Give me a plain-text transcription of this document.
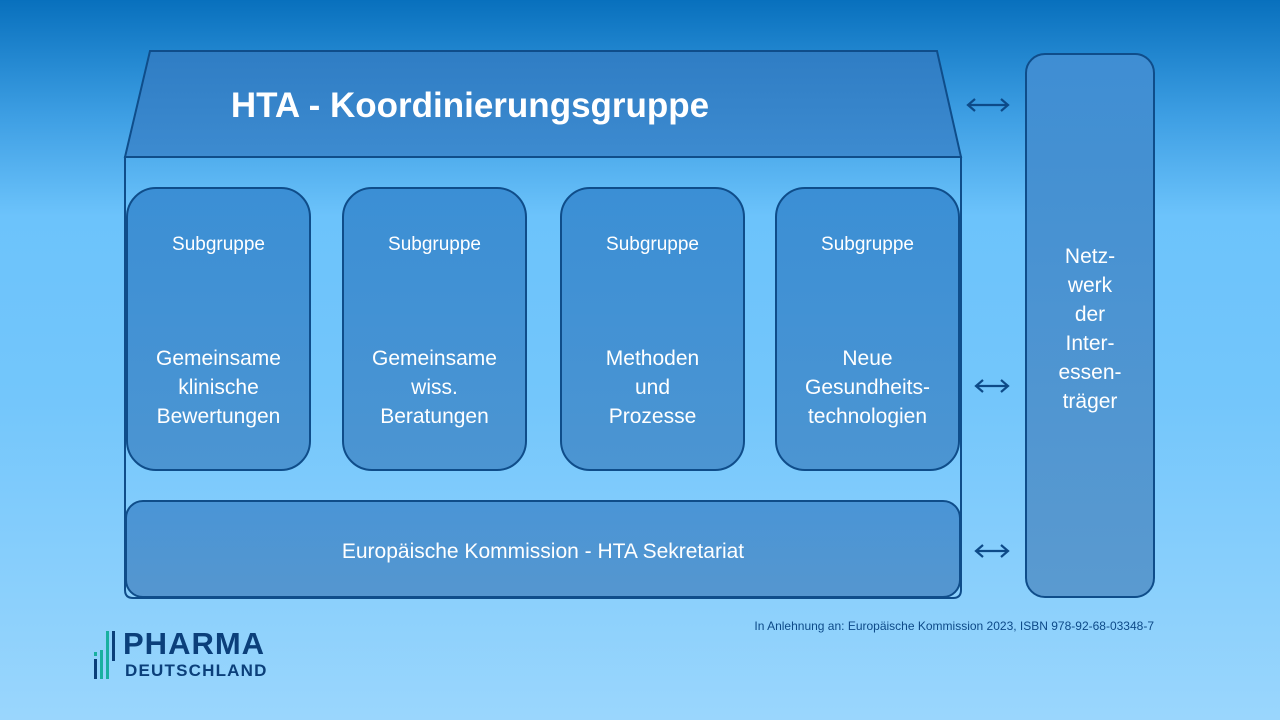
HTA - Koordinierungsgruppe
Subgruppe
Gemeinsame
klinische
Bewertungen
Subgruppe
Gemeinsame
wiss.
Beratungen
Subgruppe
Methoden
und
Prozesse
Subgruppe
Neue
Gesundheits-
technologien
Europäische Kommission - HTA Sekretariat
Netz-
werk
der
Inter-
essen-
träger
In Anlehnung an: Europäische Kommission 2023, ISBN 978-92-68-03348-7
PHARMA
DEUTSCHLAND
